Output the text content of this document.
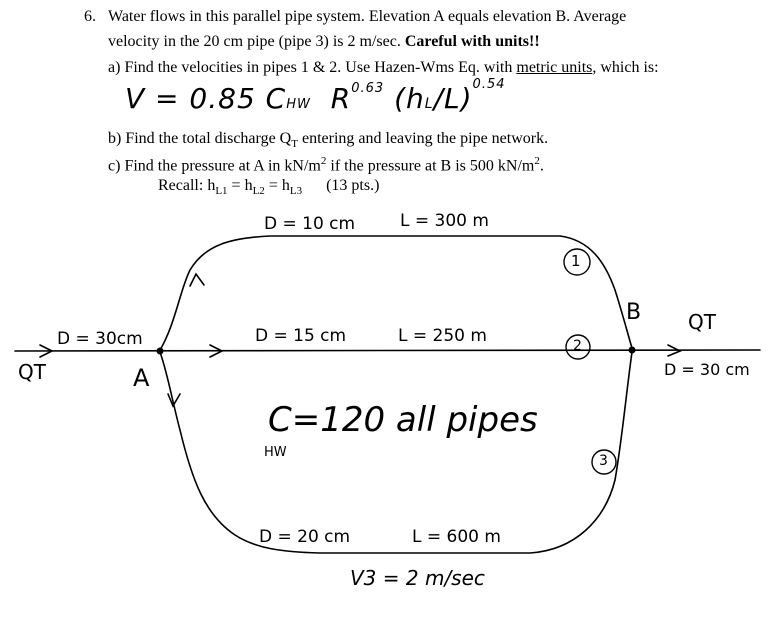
6. Water flows in this parallel pipe system. Elevation A equals elevation B. Average
velocity in the 20 cm pipe (pipe 3) is 2 m/sec. Careful with units!!
a) Find the velocities in pipes 1 & 2. Use Hazen-Wms Eq. with metric units, which is:
V = 0.85 CHW $R^{0.63}$ $(hL/L)^{0.54}$
b) Find the total discharge $Q_T$ entering and leaving the pipe network.
c) Find the pressure at A in $kN/m^2$ if the pressure at B is 500 $kN/m^2$.
Recall: $h_{L1} = h_{L2} = h_{L3}$ (13 pts.)
D = 10 cm	L = 300 m
1
D = 15 cm	L = 250 m	2
D = 20 cm	L = 600 m
3
D = 30cm
QT	A
B QT
D = 30 cm
C=120 all pipes
HW
V3 = 2 m/sec
